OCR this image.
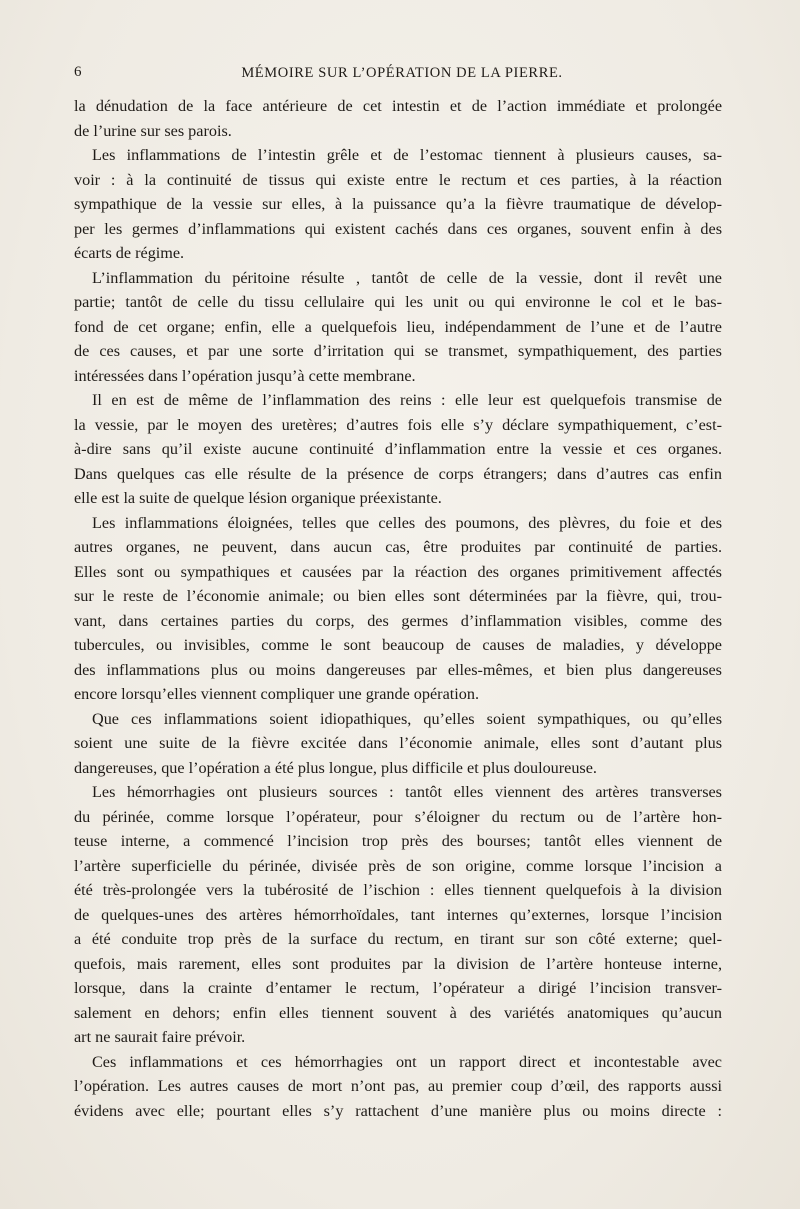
6	MÉMOIRE SUR L’OPÉRATION DE LA PIERRE.
la dénudation de la face antérieure de cet intestin et de l’action immédiate et prolongée
de l’urine sur ses parois.
Les inflammations de l’intestin grêle et de l’estomac tiennent à plusieurs causes, sa-
voir : à la continuité de tissus qui existe entre le rectum et ces parties, à la réaction
sympathique de la vessie sur elles, à la puissance qu’a la fièvre traumatique de dévelop-
per les germes d’inflammations qui existent cachés dans ces organes, souvent enfin à des
écarts de régime.
L’inflammation du péritoine résulte , tantôt de celle de la vessie, dont il revêt une
partie; tantôt de celle du tissu cellulaire qui les unit ou qui environne le col et le bas-
fond de cet organe; enfin, elle a quelquefois lieu, indépendamment de l’une et de l’autre
de ces causes, et par une sorte d’irritation qui se transmet, sympathiquement, des parties
intéressées dans l’opération jusqu’à cette membrane.
Il en est de même de l’inflammation des reins : elle leur est quelquefois transmise de
la vessie, par le moyen des uretères; d’autres fois elle s’y déclare sympathiquement, c’est-
à-dire sans qu’il existe aucune continuité d’inflammation entre la vessie et ces organes.
Dans quelques cas elle résulte de la présence de corps étrangers; dans d’autres cas enfin
elle est la suite de quelque lésion organique préexistante.
Les inflammations éloignées, telles que celles des poumons, des plèvres, du foie et des
autres organes, ne peuvent, dans aucun cas, être produites par continuité de parties.
Elles sont ou sympathiques et causées par la réaction des organes primitivement affectés
sur le reste de l’économie animale; ou bien elles sont déterminées par la fièvre, qui, trou-
vant, dans certaines parties du corps, des germes d’inflammation visibles, comme des
tubercules, ou invisibles, comme le sont beaucoup de causes de maladies, y développe
des inflammations plus ou moins dangereuses par elles-mêmes, et bien plus dangereuses
encore lorsqu’elles viennent compliquer une grande opération.
Que ces inflammations soient idiopathiques, qu’elles soient sympathiques, ou qu’elles
soient une suite de la fièvre excitée dans l’économie animale, elles sont d’autant plus
dangereuses, que l’opération a été plus longue, plus difficile et plus douloureuse.
Les hémorrhagies ont plusieurs sources : tantôt elles viennent des artères transverses
du périnée, comme lorsque l’opérateur, pour s’éloigner du rectum ou de l’artère hon-
teuse interne, a commencé l’incision trop près des bourses; tantôt elles viennent de
l’artère superficielle du périnée, divisée près de son origine, comme lorsque l’incision a
été très-prolongée vers la tubérosité de l’ischion : elles tiennent quelquefois à la division
de quelques-unes des artères hémorrhoïdales, tant internes qu’externes, lorsque l’incision
a été conduite trop près de la surface du rectum, en tirant sur son côté externe; quel-
quefois, mais rarement, elles sont produites par la division de l’artère honteuse interne,
lorsque, dans la crainte d’entamer le rectum, l’opérateur a dirigé l’incision transver-
salement en dehors; enfin elles tiennent souvent à des variétés anatomiques qu’aucun
art ne saurait faire prévoir.
Ces inflammations et ces hémorrhagies ont un rapport direct et incontestable avec
l’opération. Les autres causes de mort n’ont pas, au premier coup d’œil, des rapports aussi
évidens avec elle; pourtant elles s’y rattachent d’une manière plus ou moins directe :
